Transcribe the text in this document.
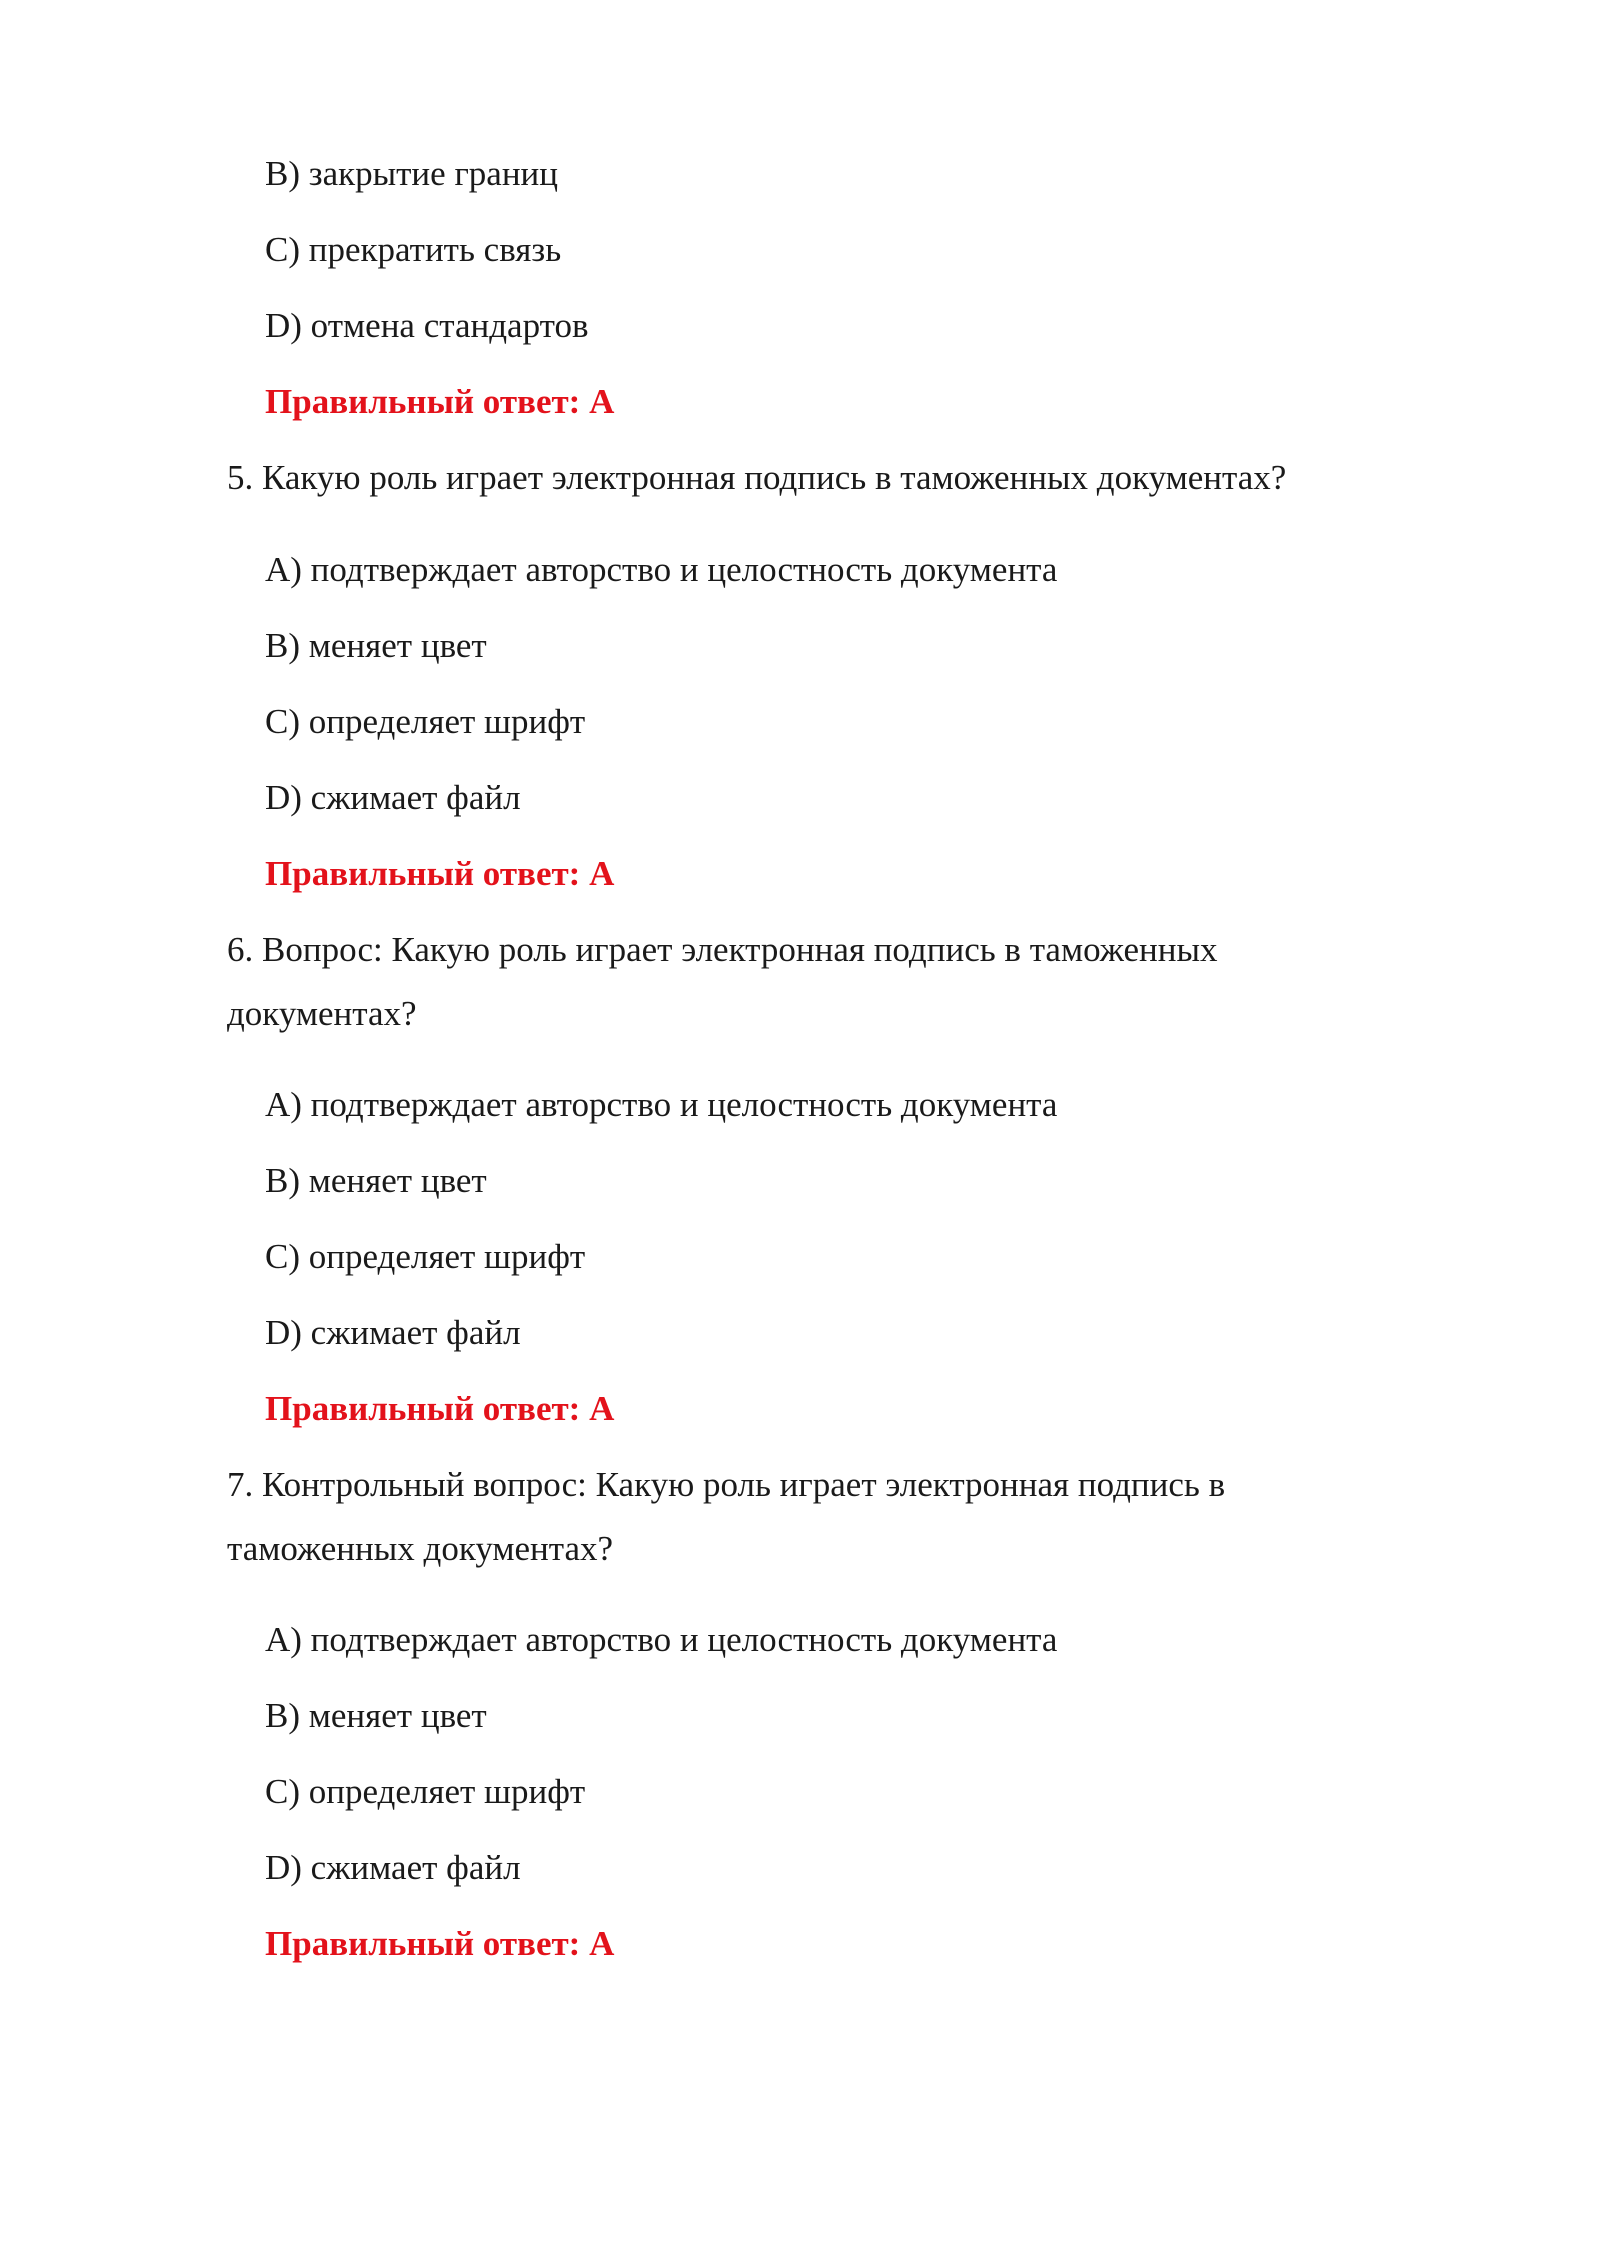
B) закрытие границ

C) прекратить связь

D) отмена стандартов

Правильный ответ: A

5. Какую роль играет электронная подпись в таможенных документах?

A) подтверждает авторство и целостность документа

B) меняет цвет

C) определяет шрифт

D) сжимает файл

Правильный ответ: A

6. Вопрос: Какую роль играет электронная подпись в таможенных

документах?

A) подтверждает авторство и целостность документа

B) меняет цвет

C) определяет шрифт

D) сжимает файл

Правильный ответ: A

7. Контрольный вопрос: Какую роль играет электронная подпись в

таможенных документах?

A) подтверждает авторство и целостность документа

B) меняет цвет

C) определяет шрифт

D) сжимает файл

Правильный ответ: A
